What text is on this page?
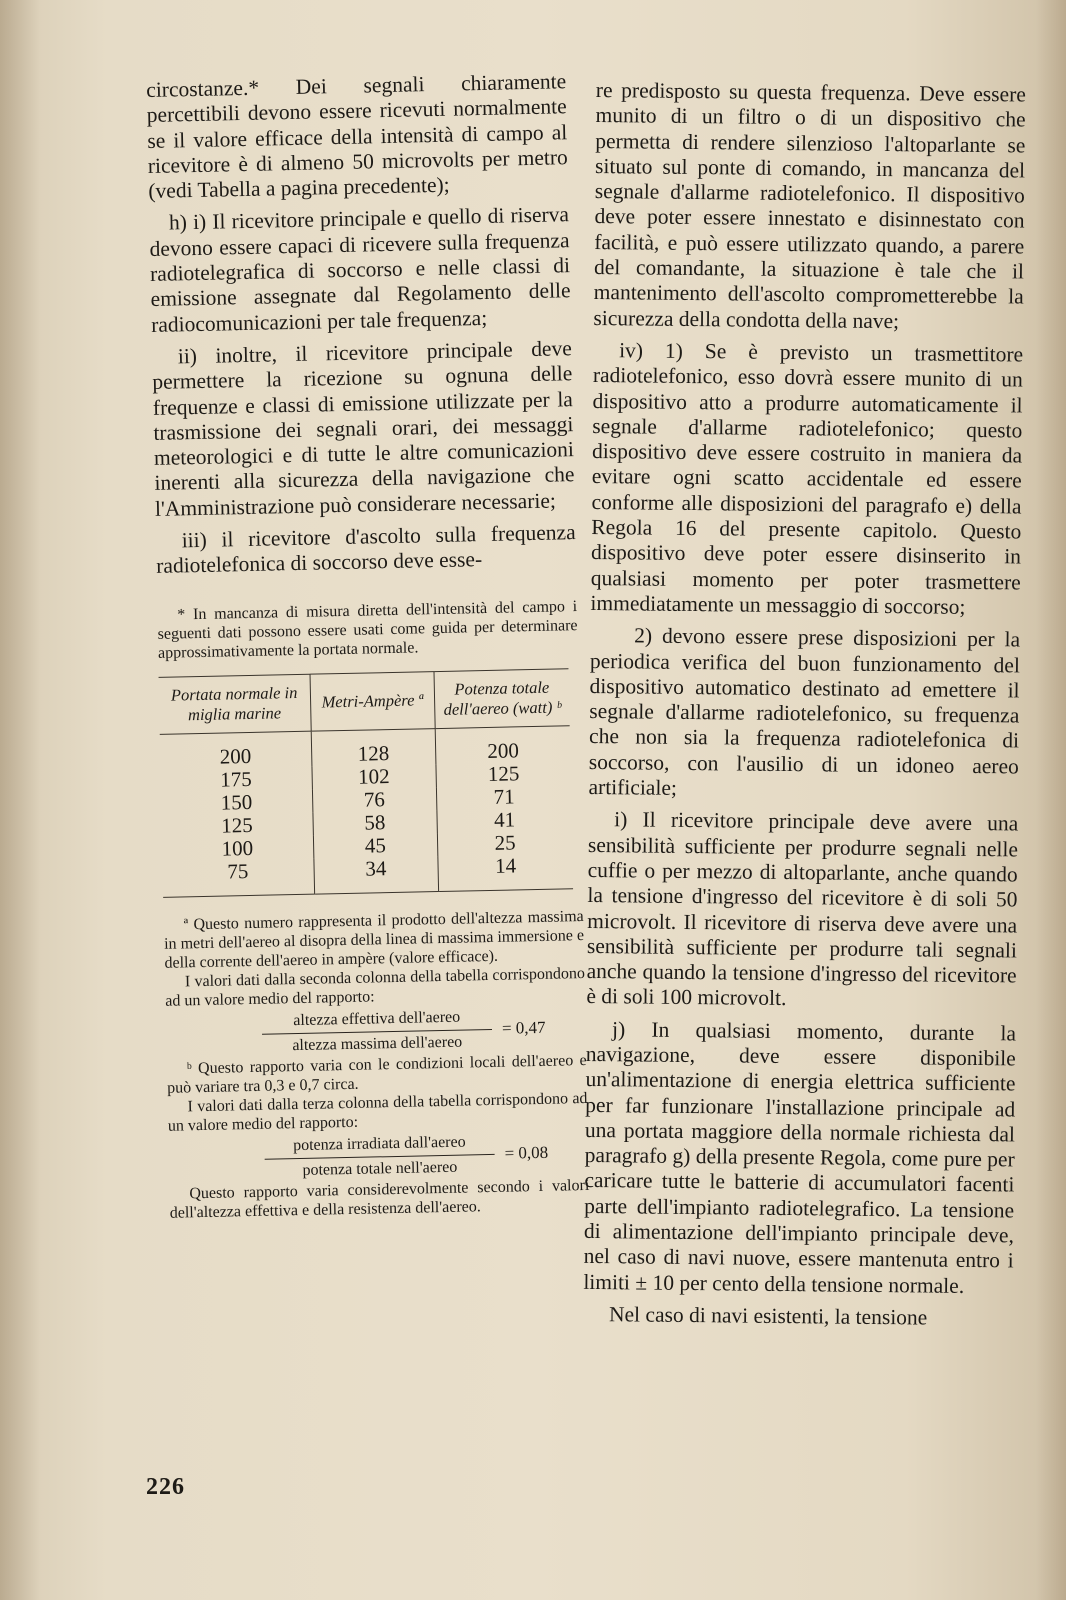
circostanze.* Dei segnali chiaramente percettibili devono essere ricevuti normalmente se il valore efficace della intensità di campo al ricevitore è di almeno 50 microvolts per metro (vedi Tabella a pagina precedente);

h) i) Il ricevitore principale e quello di riserva devono essere capaci di ricevere sulla frequenza radiotelegrafica di soccorso e nelle classi di emissione assegnate dal Regolamento delle radiocomunicazioni per tale frequenza;

ii) inoltre, il ricevitore principale deve permettere la ricezione su ognuna delle frequenze e classi di emissione utilizzate per la trasmissione dei segnali orari, dei messaggi meteorologici e di tutte le altre comunicazioni inerenti alla sicurezza della navigazione che l'Amministrazione può considerare necessarie;

iii) il ricevitore d'ascolto sulla frequenza radiotelefonica di soccorso deve esse-

* In mancanza di misura diretta dell'intensità del campo i seguenti dati possono essere usati come guida per determinare approssimativamente la portata normale.

Portata normale in miglia marine	Metri-Ampère ª	Potenza totale dell'aereo (watt) ᵇ
200	128	200
175	102	125
150	76	71
125	58	41
100	45	25
75	34	14

ª Questo numero rappresenta il prodotto dell'altezza massima in metri dell'aereo al disopra della linea di massima immersione e della corrente dell'aereo in ampère (valore efficace).

I valori dati dalla seconda colonna della tabella corrispondono ad un valore medio del rapporto:

altezza effettiva dell'aereo
altezza massima dell'aereo
= 0,47

ᵇ Questo rapporto varia con le condizioni locali dell'aereo e può variare tra 0,3 e 0,7 circa.

I valori dati dalla terza colonna della tabella corrispondono ad un valore medio del rapporto:

potenza irradiata dall'aereo
potenza totale nell'aereo
= 0,08

Questo rapporto varia considerevolmente secondo i valori dell'altezza effettiva e della resistenza dell'aereo.

re predisposto su questa frequenza. Deve essere munito di un filtro o di un dispositivo che permetta di rendere silenzioso l'altoparlante se situato sul ponte di comando, in mancanza del segnale d'allarme radiotelefonico. Il dispositivo deve poter essere innestato e disinnestato con facilità, e può essere utilizzato quando, a parere del comandante, la situazione è tale che il mantenimento dell'ascolto comprometterebbe la sicurezza della condotta della nave;

iv) 1) Se è previsto un trasmettitore radiotelefonico, esso dovrà essere munito di un dispositivo atto a produrre automaticamente il segnale d'allarme radiotelefonico; questo dispositivo deve essere costruito in maniera da evitare ogni scatto accidentale ed essere conforme alle disposizioni del paragrafo e) della Regola 16 del presente capitolo. Questo dispositivo deve poter essere disinserito in qualsiasi momento per poter trasmettere immediatamente un messaggio di soccorso;

2) devono essere prese disposizioni per la periodica verifica del buon funzionamento del dispositivo automatico destinato ad emettere il segnale d'allarme radiotelefonico, su frequenza che non sia la frequenza radiotelefonica di soccorso, con l'ausilio di un idoneo aereo artificiale;

i) Il ricevitore principale deve avere una sensibilità sufficiente per produrre segnali nelle cuffie o per mezzo di altoparlante, anche quando la tensione d'ingresso del ricevitore è di soli 50 microvolt. Il ricevitore di riserva deve avere una sensibilità sufficiente per produrre tali segnali anche quando la tensione d'ingresso del ricevitore è di soli 100 microvolt.

j) In qualsiasi momento, durante la navigazione, deve essere disponibile un'alimentazione di energia elettrica sufficiente per far funzionare l'installazione principale ad una portata maggiore della normale richiesta dal paragrafo g) della presente Regola, come pure per caricare tutte le batterie di accumulatori facenti parte dell'impianto radiotelegrafico. La tensione di alimentazione dell'impianto principale deve, nel caso di navi nuove, essere mantenuta entro i limiti ± 10 per cento della tensione normale.

Nel caso di navi esistenti, la tensione

226
